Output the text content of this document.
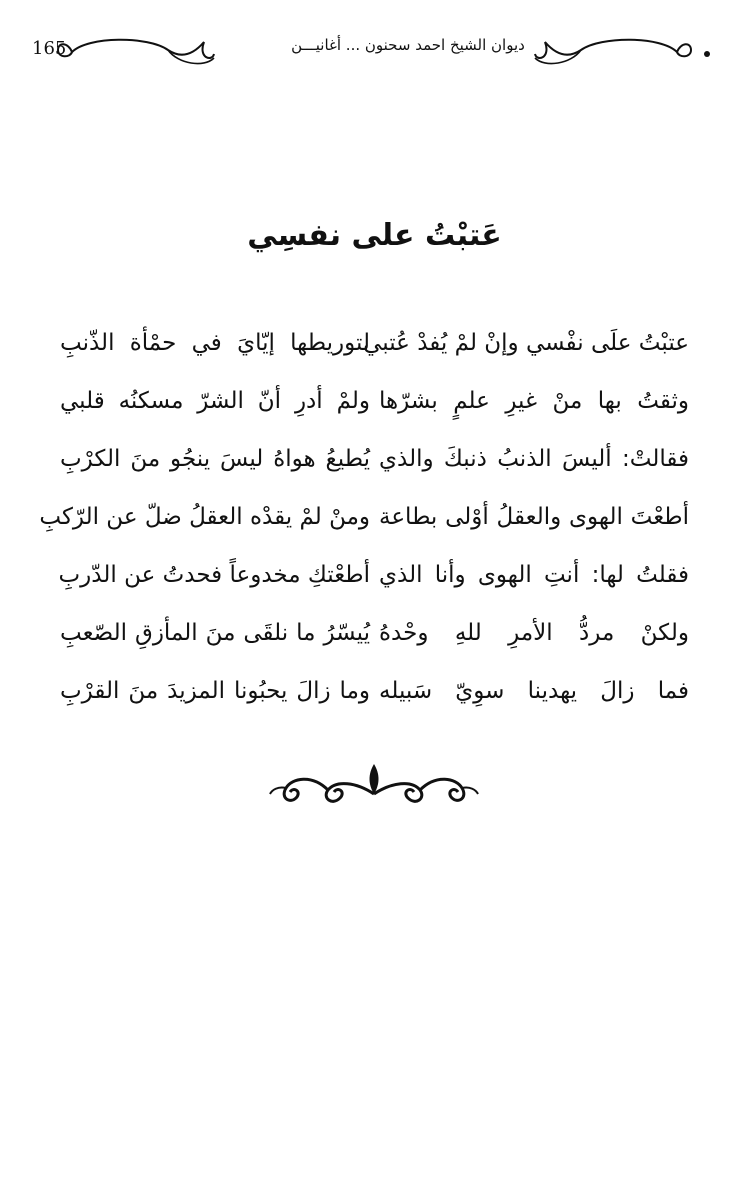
165	ديوان الشيخ احمد سحنون ... أغانيـــن
عَتبْتُ على نفسِي
عتبْتُ علَى نفْسي وإنْ لمْ يُفدْ عُتبي
لتوريطها إيّايَ في حمْأة الذّنبِ
وثقتُ بها منْ غيرِ علمٍ بشرّها
ولمْ أدرِ أنّ الشرّ مسكنُه قلبي
فقالتْ: أليسَ الذنبُ ذنبكَ والذي
يُطيعُ هواهُ ليسَ ينجُو منَ الكرْبِ
أطعْتَ الهوى والعقلُ أوْلى بطاعة
ومنْ لمْ يقدْه العقلُ ضلّ عن الرّكبِ
فقلتُ لها: أنتِ الهوى وأنا الذي
أطعْتكِ مخدوعاً فحدتُ عن الدّربِ
ولكنْ مردُّ الأمرِ للهِ وحْدهُ
يُيسّرُ ما نلقَى منَ المأزقِ الصّعبِ
فما زالَ يهدينا سوِيّ سَبيله
وما زالَ يحبُونا المزيدَ منَ القرْبِ
